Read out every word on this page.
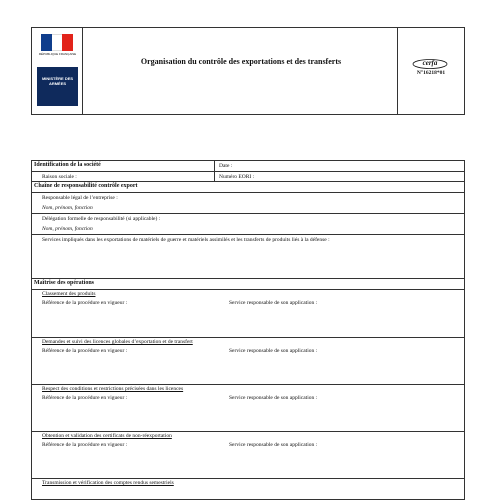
RÉPUBLIQUE FRANÇAISE
MINISTÈRE DES ARMÉES
Organisation du contrôle des exportations et des transferts	cerfa
N°16218*01
Identification de la société	Date :
Raison sociale :	Numéro EORI :
Chaîne de responsabilité contrôle export
Responsable légal de l’entreprise :
Nom, prénom, fonction
Délégation formelle de responsabilité (si applicable) :
Nom, prénom, fonction
Services impliqués dans les exportations de matériels de guerre et matériels assimilés et les transferts de produits liés à la défense :
Maîtrise des opérations
Classement des produits
Référence de la procédure en vigueur :	Service responsable de son application :
Demandes et suivi des licences globales d’exportation et de transfert
Référence de la procédure en vigueur :	Service responsable de son application :
Respect des conditions et restrictions précisées dans les licences
Référence de la procédure en vigueur :	Service responsable de son application :
Obtention et validation des certificats de non-réexportation
Référence de la procédure en vigueur :	Service responsable de son application :
Transmission et vérification des comptes rendus semestriels
